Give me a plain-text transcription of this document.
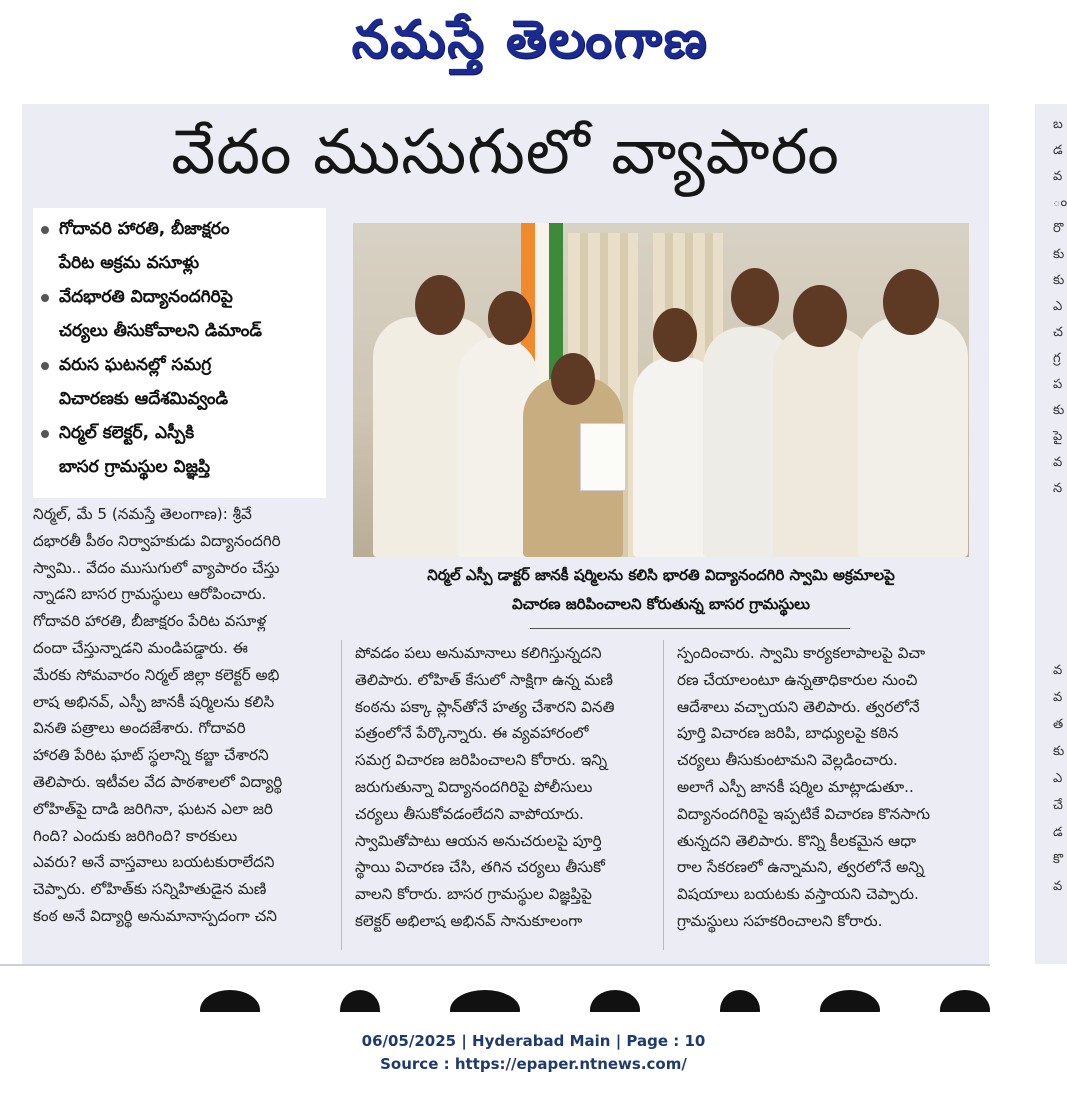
నమస్తే తెలంగాణ
బ
డ
వ
ం
రొ
కు
కు
ఎ
చ
గ్ర
ప
కు
పై
వ
న
వ
వ
త
కు
ఎ
చే
డ
కొ
వ
వేదం ముసుగులో వ్యాపారం
గోదావరి హారతి, బీజాక్షరం
పేరిట అక్రమ వసూళ్లు
వేదభారతి విద్యానందగిరిపై
చర్యలు తీసుకోవాలని డిమాండ్
వరుస ఘటనల్లో సమగ్ర
విచారణకు ఆదేశమివ్వండి
నిర్మల్ కలెక్టర్, ఎస్పీకి
బాసర గ్రామస్థుల విజ్ఞప్తి
నిర్మల్ ఎస్పీ డాక్టర్ జానకీ షర్మిలను కలిసి భారతి విద్యానందగిరి స్వామి అక్రమాలపై
విచారణ జరిపించాలని కోరుతున్న బాసర గ్రామస్థులు
నిర్మల్, మే 5 (నమస్తే తెలంగాణ): శ్రీవే
దభారతీ పీఠం నిర్వాహకుడు విద్యానందగిరి
స్వామి.. వేదం ముసుగులో వ్యాపారం చేస్తు
న్నాడని బాసర గ్రామస్థులు ఆరోపించారు.
గోదావరి హారతి, బీజాక్షరం పేరిట వసూళ్ల
దందా చేస్తున్నాడని మండిపడ్డారు. ఈ
మేరకు సోమవారం నిర్మల్ జిల్లా కలెక్టర్ అభి
లాష అభినవ్, ఎస్పీ జానకీ షర్మిలను కలిసి
వినతి పత్రాలు అందజేశారు. గోదావరి
హారతి పేరిట ఘాట్ స్థలాన్ని కబ్జా చేశారని
తెలిపారు. ఇటీవల వేద పాఠశాలలో విద్యార్థి
లోహిత్‌పై దాడి జరిగినా, ఘటన ఎలా జరి
గింది? ఎందుకు జరిగింది? కారకులు
ఎవరు? అనే వాస్తవాలు బయటకురాలేదని
చెప్పారు. లోహిత్‌కు సన్నిహితుడైన మణి
కంఠ అనే విద్యార్థి అనుమానాస్పదంగా చని
పోవడం పలు అనుమానాలు కలిగిస్తున్నదని
తెలిపారు. లోహిత్ కేసులో సాక్షిగా ఉన్న మణి
కంఠను పక్కా ప్లాన్‌తోనే హత్య చేశారని వినతి
పత్రంలోనే పేర్కొన్నారు. ఈ వ్యవహారంలో
సమగ్ర విచారణ జరిపించాలని కోరారు. ఇన్ని
జరుగుతున్నా విద్యానందగిరిపై పోలీసులు
చర్యలు తీసుకోవడంలేదని వాపోయారు.
స్వామితోపాటు ఆయన అనుచరులపై పూర్తి
స్థాయి విచారణ చేసి, తగిన చర్యలు తీసుకో
వాలని కోరారు. బాసర గ్రామస్థుల విజ్ఞప్తిపై
కలెక్టర్ అభిలాష అభినవ్ సానుకూలంగా
స్పందించారు. స్వామి కార్యకలాపాలపై విచా
రణ చేయాలంటూ ఉన్నతాధికారుల నుంచి
ఆదేశాలు వచ్చాయని తెలిపారు. త్వరలోనే
పూర్తి విచారణ జరిపి, బాధ్యులపై కఠిన
చర్యలు తీసుకుంటామని వెల్లడించారు.
అలాగే ఎస్పీ జానకీ షర్మిల మాట్లాడుతూ..
విద్యానందగిరిపై ఇప్పటికే విచారణ కొనసాగు
తున్నదని తెలిపారు. కొన్ని కీలకమైన ఆధా
రాల సేకరణలో ఉన్నామని, త్వరలోనే అన్ని
విషయాలు బయటకు వస్తాయని చెప్పారు.
గ్రామస్థులు సహకరించాలని కోరారు.
06/05/2025 | Hyderabad Main | Page : 10
Source : https://epaper.ntnews.com/
